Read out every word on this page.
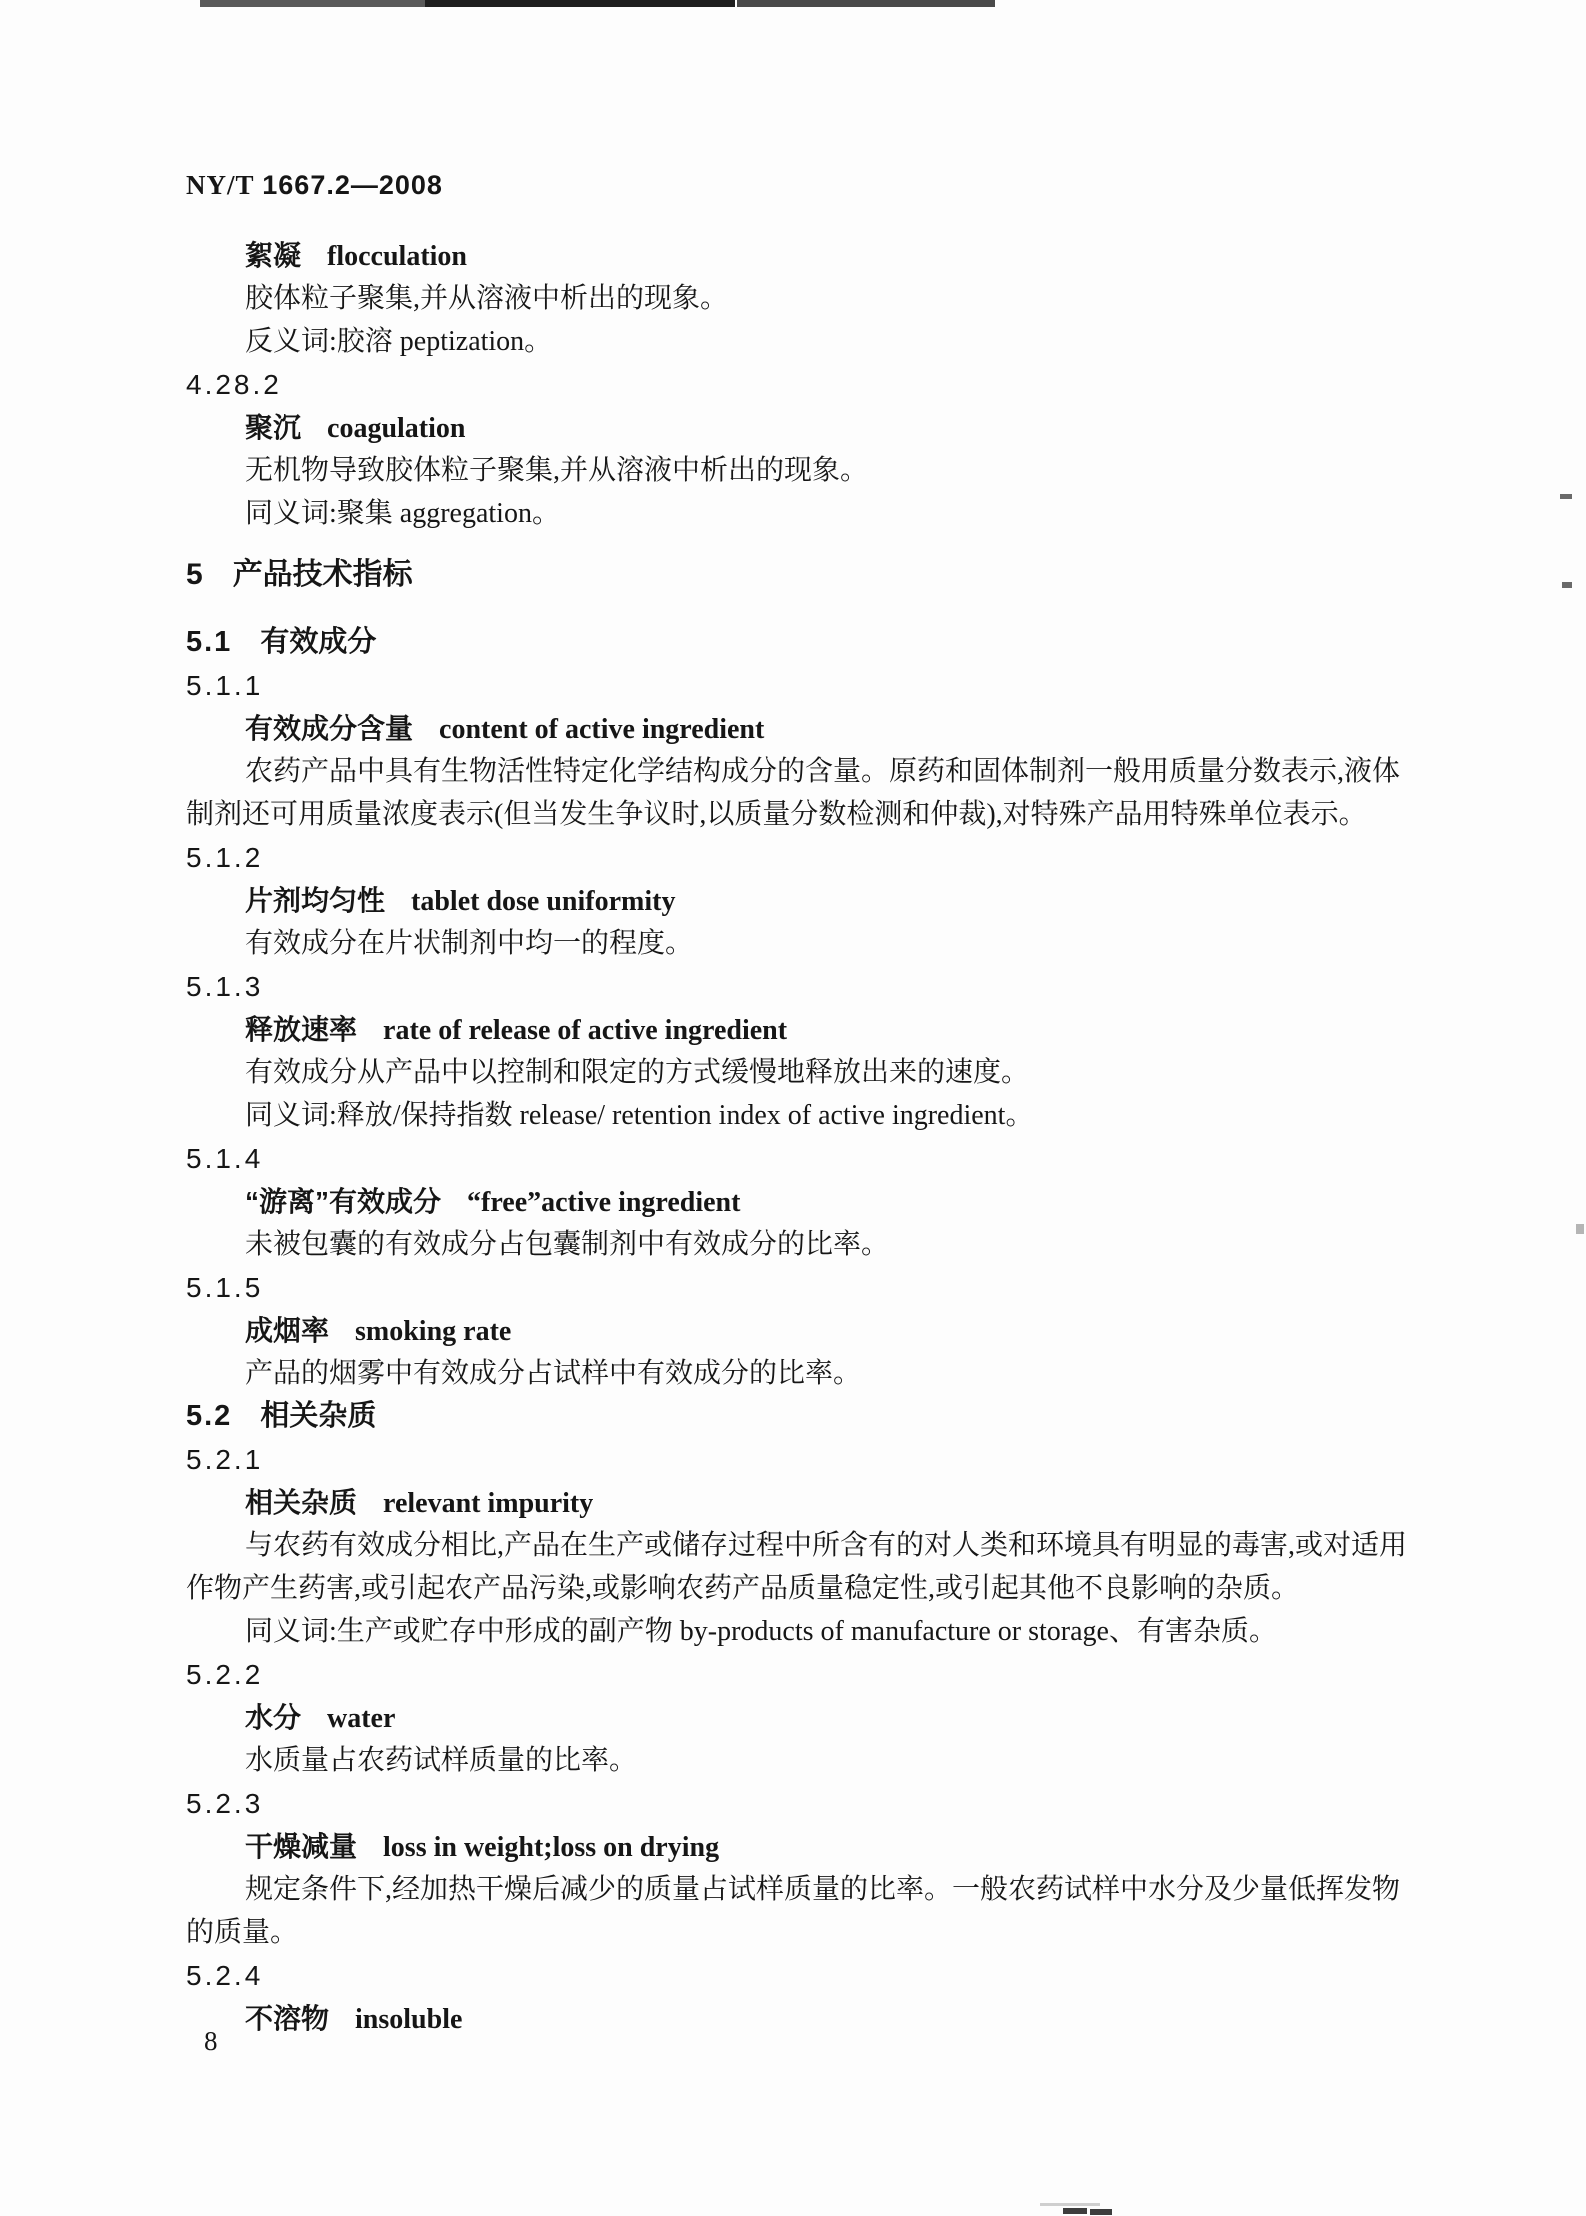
NY/T 1667.2—2008
絮凝 flocculation
胶体粒子聚集,并从溶液中析出的现象。
反义词:胶溶 peptization。
4.28.2
聚沉 coagulation
无机物导致胶体粒子聚集,并从溶液中析出的现象。
同义词:聚集 aggregation。
5 产品技术指标
5.1 有效成分
5.1.1
有效成分含量 content of active ingredient
农药产品中具有生物活性特定化学结构成分的含量。原药和固体制剂一般用质量分数表示,液体
制剂还可用质量浓度表示(但当发生争议时,以质量分数检测和仲裁),对特殊产品用特殊单位表示。
5.1.2
片剂均匀性 tablet dose uniformity
有效成分在片状制剂中均一的程度。
5.1.3
释放速率 rate of release of active ingredient
有效成分从产品中以控制和限定的方式缓慢地释放出来的速度。
同义词:释放/保持指数 release/ retention index of active ingredient。
5.1.4
“游离”有效成分 “free”active ingredient
未被包囊的有效成分占包囊制剂中有效成分的比率。
5.1.5
成烟率 smoking rate
产品的烟雾中有效成分占试样中有效成分的比率。
5.2 相关杂质
5.2.1
相关杂质 relevant impurity
与农药有效成分相比,产品在生产或储存过程中所含有的对人类和环境具有明显的毒害,或对适用
作物产生药害,或引起农产品污染,或影响农药产品质量稳定性,或引起其他不良影响的杂质。
同义词:生产或贮存中形成的副产物 by-products of manufacture or storage、有害杂质。
5.2.2
水分 water
水质量占农药试样质量的比率。
5.2.3
干燥减量 loss in weight;loss on drying
规定条件下,经加热干燥后减少的质量占试样质量的比率。一般农药试样中水分及少量低挥发物
的质量。
5.2.4
不溶物 insoluble
8
